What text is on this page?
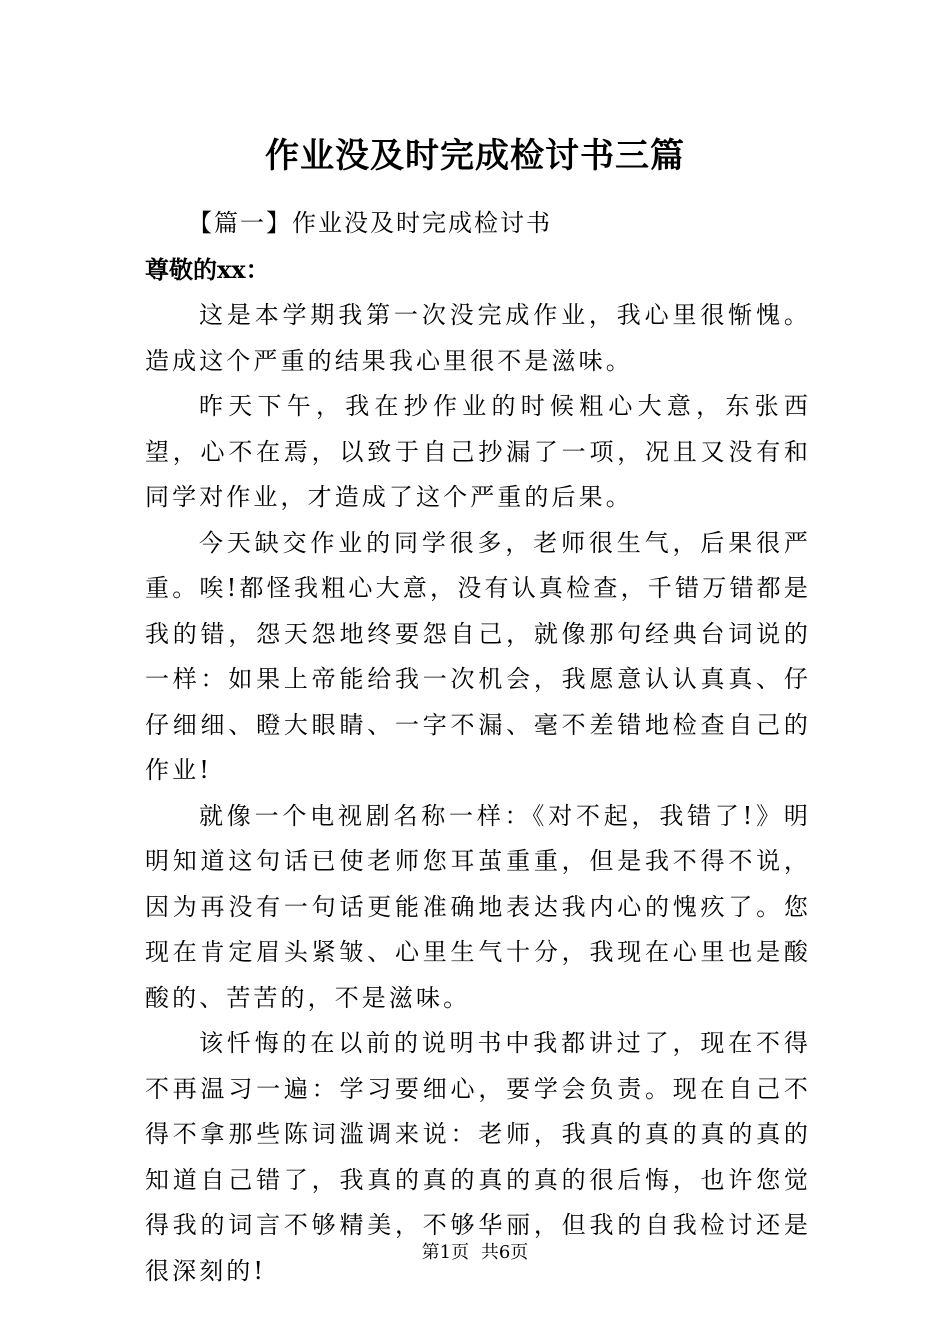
作业没及时完成检讨书三篇
【篇一】作业没及时完成检讨书
尊敬的xx：

这是本学期我第一次没完成作业，我心里很惭愧。造成这个严重的结果我心里很不是滋味。

昨天下午，我在抄作业的时候粗心大意，东张西望，心不在焉，以致于自己抄漏了一项，况且又没有和同学对作业，才造成了这个严重的后果。

今天缺交作业的同学很多，老师很生气，后果很严重。唉!都怪我粗心大意，没有认真检查，千错万错都是我的错，怨天怨地终要怨自己，就像那句经典台词说的一样：如果上帝能给我一次机会，我愿意认认真真、仔仔细细、瞪大眼睛、一字不漏、毫不差错地检查自己的作业!

就像一个电视剧名称一样：《对不起，我错了!》明明知道这句话已使老师您耳茧重重，但是我不得不说，因为再没有一句话更能准确地表达我内心的愧疚了。您现在肯定眉头紧皱、心里生气十分，我现在心里也是酸酸的、苦苦的，不是滋味。

该忏悔的在以前的说明书中我都讲过了，现在不得不再温习一遍：学习要细心，要学会负责。现在自己不得不拿那些陈词滥调来说：老师，我真的真的真的真的知道自己错了，我真的真的真的真的很后悔，也许您觉得我的词言不够精美，不够华丽，但我的自我检讨还是很深刻的!

第1页 共6页
